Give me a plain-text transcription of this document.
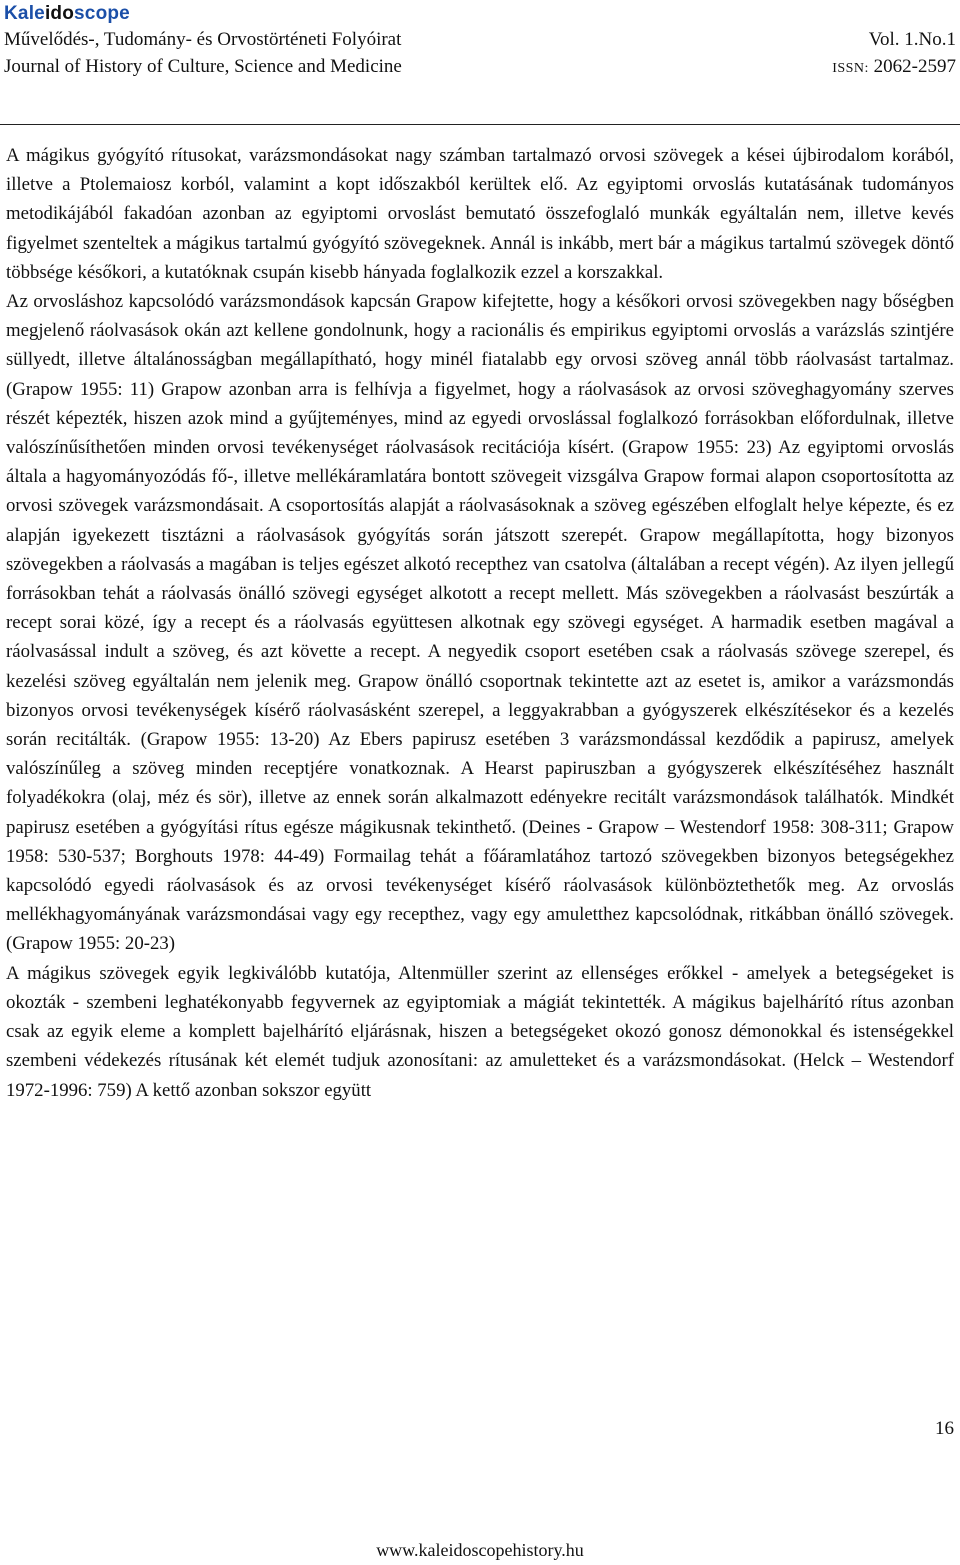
Kaleidoscope
Művelődés-, Tudomány- és Orvostörténeti Folyóirat	Vol. 1.No.1
Journal of History of Culture, Science and Medicine	ISSN: 2062-2597

A mágikus gyógyító rítusokat, varázsmondásokat nagy számban tartalmazó orvosi szövegek a kései újbirodalom korából, illetve a Ptolemaiosz korból, valamint a kopt időszakból kerültek elő. Az egyiptomi orvoslás kutatásának tudományos metodikájából fakadóan azonban az egyiptomi orvoslást bemutató összefoglaló munkák egyáltalán nem, illetve kevés figyelmet szenteltek a mágikus tartalmú gyógyító szövegeknek. Annál is inkább, mert bár a mágikus tartalmú szövegek döntő többsége későkori, a kutatóknak csupán kisebb hányada foglalkozik ezzel a korszakkal.

Az orvosláshoz kapcsolódó varázsmondások kapcsán Grapow kifejtette, hogy a későkori orvosi szövegekben nagy bőségben megjelenő ráolvasások okán azt kellene gondolnunk, hogy a racionális és empirikus egyiptomi orvoslás a varázslás szintjére süllyedt, illetve általánosságban megállapítható, hogy minél fiatalabb egy orvosi szöveg annál több ráolvasást tartalmaz. (Grapow 1955: 11) Grapow azonban arra is felhívja a figyelmet, hogy a ráolvasások az orvosi szöveghagyomány szerves részét képezték, hiszen azok mind a gyűjteményes, mind az egyedi orvoslással foglalkozó forrásokban előfordulnak, illetve valószínűsíthetően minden orvosi tevékenységet ráolvasások recitációja kísért. (Grapow 1955: 23) Az egyiptomi orvoslás általa a hagyományozódás fő-, illetve mellékáramlatára bontott szövegeit vizsgálva Grapow formai alapon csoportosította az orvosi szövegek varázsmondásait. A csoportosítás alapját a ráolvasásoknak a szöveg egészében elfoglalt helye képezte, és ez alapján igyekezett tisztázni a ráolvasások gyógyítás során játszott szerepét. Grapow megállapította, hogy bizonyos szövegekben a ráolvasás a magában is teljes egészet alkotó recepthez van csatolva (általában a recept végén). Az ilyen jellegű forrásokban tehát a ráolvasás önálló szövegi egységet alkotott a recept mellett. Más szövegekben a ráolvasást beszúrták a recept sorai közé, így a recept és a ráolvasás együttesen alkotnak egy szövegi egységet. A harmadik esetben magával a ráolvasással indult a szöveg, és azt követte a recept. A negyedik csoport esetében csak a ráolvasás szövege szerepel, és kezelési szöveg egyáltalán nem jelenik meg. Grapow önálló csoportnak tekintette azt az esetet is, amikor a varázsmondás bizonyos orvosi tevékenységek kísérő ráolvasásként szerepel, a leggyakrabban a gyógyszerek elkészítésekor és a kezelés során recitálták. (Grapow 1955: 13-20) Az Ebers papirusz esetében 3 varázsmondással kezdődik a papirusz, amelyek valószínűleg a szöveg minden receptjére vonatkoznak. A Hearst papiruszban a gyógyszerek elkészítéséhez használt folyadékokra (olaj, méz és sör), illetve az ennek során alkalmazott edényekre recitált varázsmondások találhatók. Mindkét papirusz esetében a gyógyítási rítus egésze mágikusnak tekinthető. (Deines - Grapow – Westendorf 1958: 308-311; Grapow 1958: 530-537; Borghouts 1978: 44-49) Formailag tehát a főáramlatához tartozó szövegekben bizonyos betegségekhez kapcsolódó egyedi ráolvasások és az orvosi tevékenységet kísérő ráolvasások különböztethetők meg. Az orvoslás mellékhagyományának varázsmondásai vagy egy recepthez, vagy egy amuletthez kapcsolódnak, ritkábban önálló szövegek. (Grapow 1955: 20-23)

A mágikus szövegek egyik legkiválóbb kutatója, Altenmüller szerint az ellenséges erőkkel - amelyek a betegségeket is okozták - szembeni leghatékonyabb fegyvernek az egyiptomiak a mágiát tekintették. A mágikus bajelhárító rítus azonban csak az egyik eleme a komplett bajelhárító eljárásnak, hiszen a betegségeket okozó gonosz démonokkal és istenségekkel szembeni védekezés rítusának két elemét tudjuk azonosítani: az amuletteket és a varázsmondásokat. (Helck – Westendorf 1972-1996: 759) A kettő azonban sokszor együtt

16
www.kaleidoscopehistory.hu
